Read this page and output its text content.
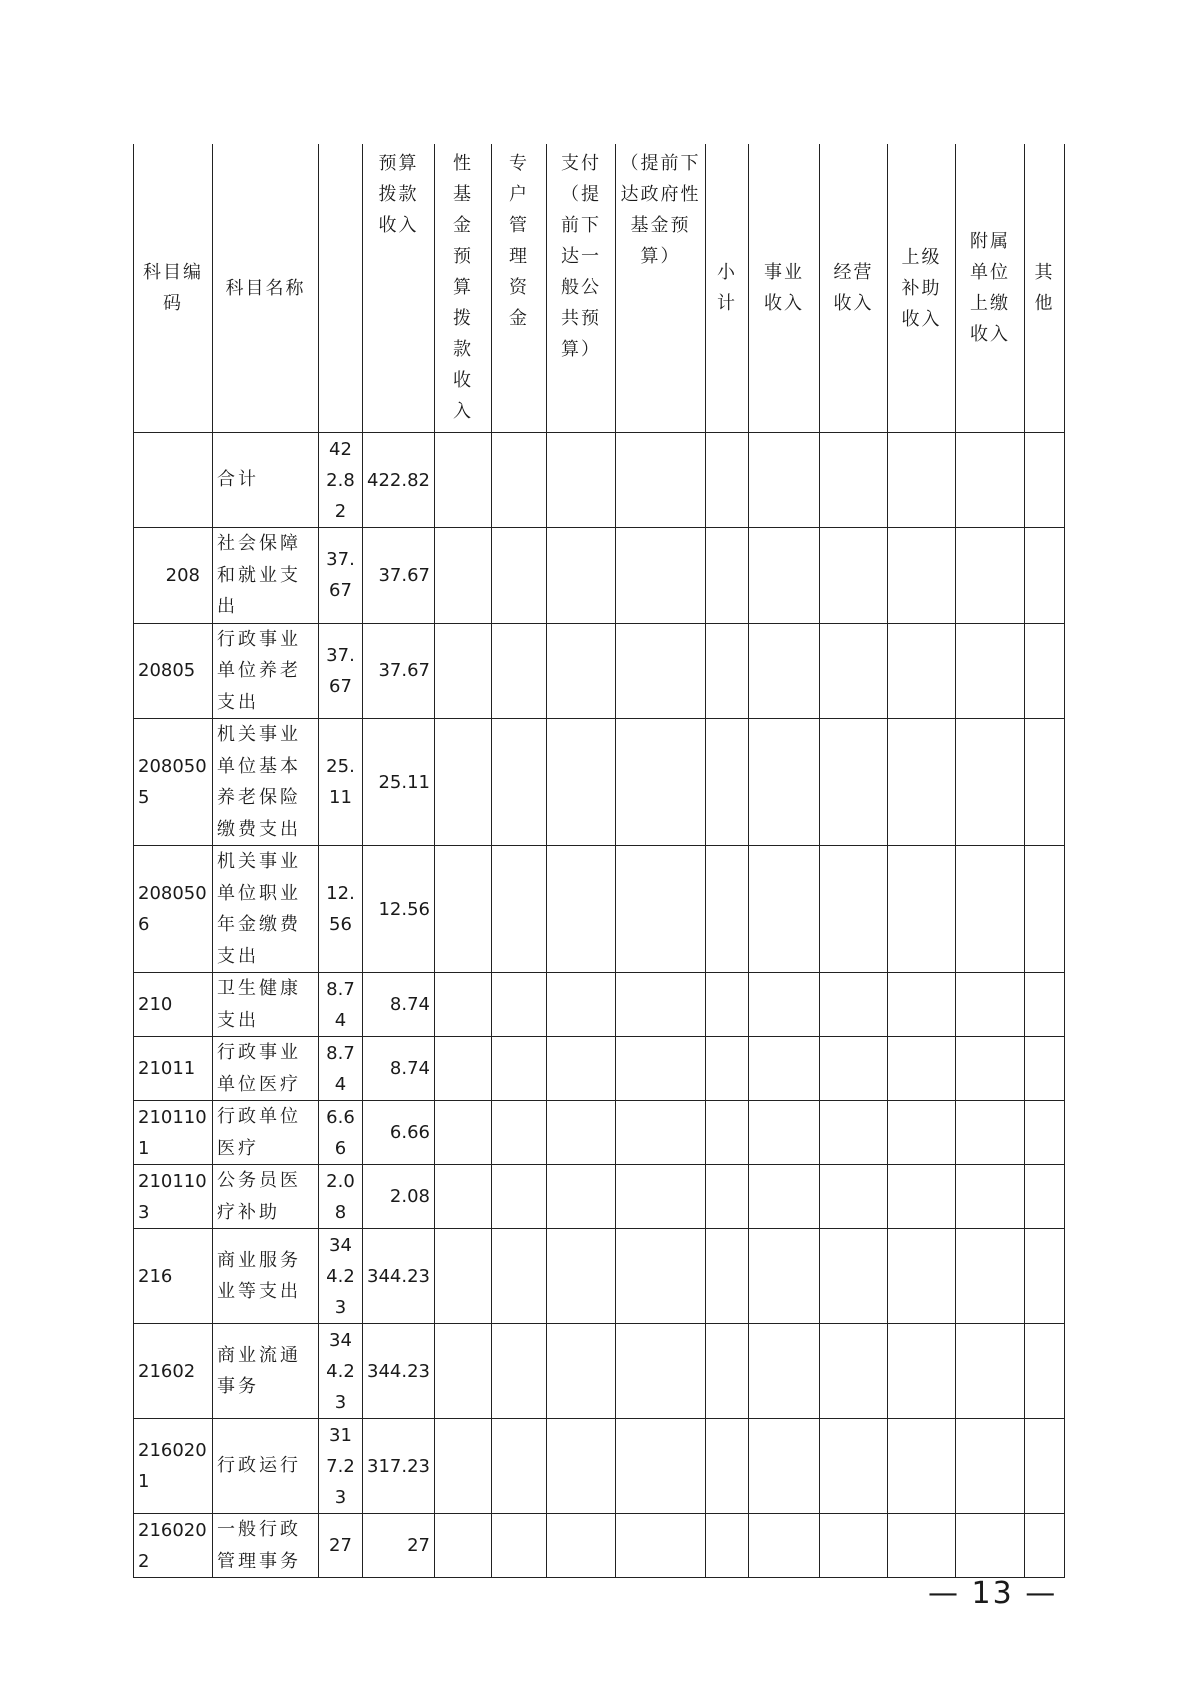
科目编码	科目名称		预算拨款收入	性基金预算拨款收入	专户管理资金	支付（提前下达一般公共预算）	（提前下达政府性基金预算）	小计	事业收入	经营收入	上级补助收入	附属单位上缴收入	其他
	合计	422.82	422.82										
208	社会保障和就业支出	37.67	37.67										
20805	行政事业单位养老支出	37.67	37.67										
2080505	机关事业单位基本养老保险缴费支出	25.11	25.11										
2080506	机关事业单位职业年金缴费支出	12.56	12.56										
210	卫生健康支出	8.74	8.74										
21011	行政事业单位医疗	8.74	8.74										
2101101	行政单位医疗	6.66	6.66										
2101103	公务员医疗补助	2.08	2.08										
216	商业服务业等支出	344.23	344.23										
21602	商业流通事务	344.23	344.23										
2160201	行政运行	317.23	317.23										
2160202	一般行政管理事务	27	27										
— 13 —
